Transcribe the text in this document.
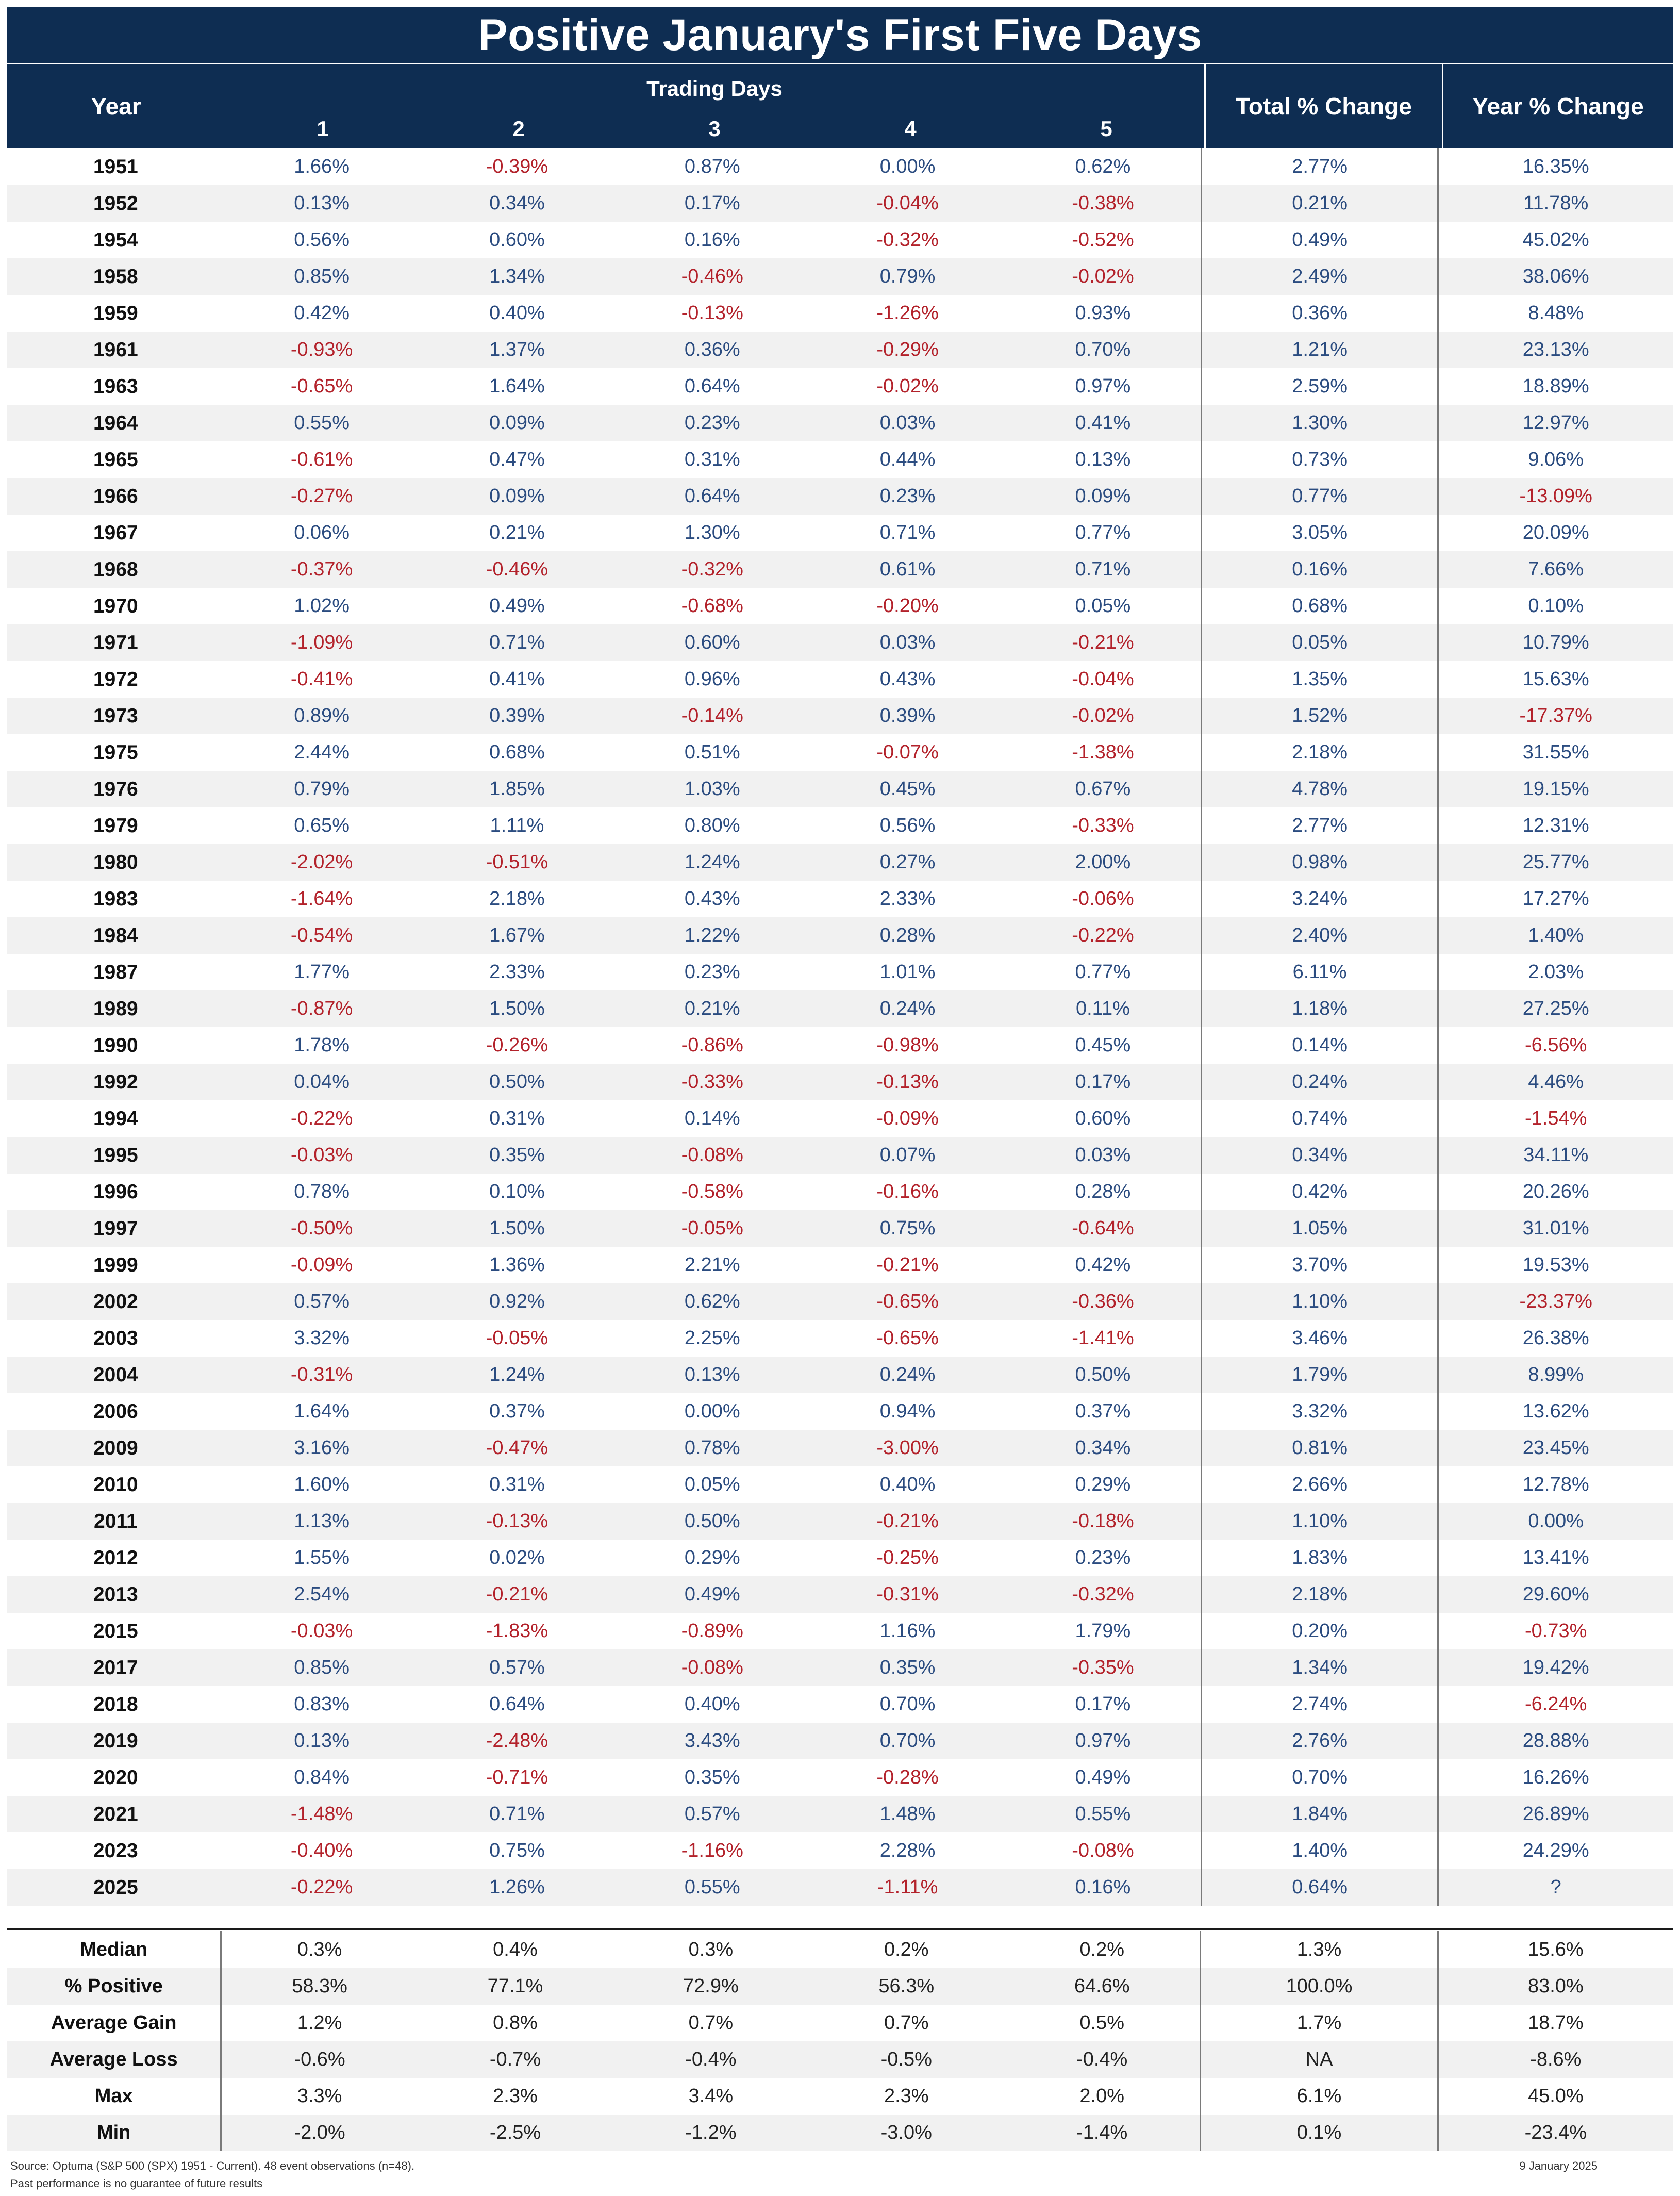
Positive January's First Five Days
Year
Trading Days
1	2	3	4	5
Total % Change	Year % Change
1951	1.66%	-0.39%	0.87%	0.00%	0.62%	2.77%	16.35%
1952	0.13%	0.34%	0.17%	-0.04%	-0.38%	0.21%	11.78%
1954	0.56%	0.60%	0.16%	-0.32%	-0.52%	0.49%	45.02%
1958	0.85%	1.34%	-0.46%	0.79%	-0.02%	2.49%	38.06%
1959	0.42%	0.40%	-0.13%	-1.26%	0.93%	0.36%	8.48%
1961	-0.93%	1.37%	0.36%	-0.29%	0.70%	1.21%	23.13%
1963	-0.65%	1.64%	0.64%	-0.02%	0.97%	2.59%	18.89%
1964	0.55%	0.09%	0.23%	0.03%	0.41%	1.30%	12.97%
1965	-0.61%	0.47%	0.31%	0.44%	0.13%	0.73%	9.06%
1966	-0.27%	0.09%	0.64%	0.23%	0.09%	0.77%	-13.09%
1967	0.06%	0.21%	1.30%	0.71%	0.77%	3.05%	20.09%
1968	-0.37%	-0.46%	-0.32%	0.61%	0.71%	0.16%	7.66%
1970	1.02%	0.49%	-0.68%	-0.20%	0.05%	0.68%	0.10%
1971	-1.09%	0.71%	0.60%	0.03%	-0.21%	0.05%	10.79%
1972	-0.41%	0.41%	0.96%	0.43%	-0.04%	1.35%	15.63%
1973	0.89%	0.39%	-0.14%	0.39%	-0.02%	1.52%	-17.37%
1975	2.44%	0.68%	0.51%	-0.07%	-1.38%	2.18%	31.55%
1976	0.79%	1.85%	1.03%	0.45%	0.67%	4.78%	19.15%
1979	0.65%	1.11%	0.80%	0.56%	-0.33%	2.77%	12.31%
1980	-2.02%	-0.51%	1.24%	0.27%	2.00%	0.98%	25.77%
1983	-1.64%	2.18%	0.43%	2.33%	-0.06%	3.24%	17.27%
1984	-0.54%	1.67%	1.22%	0.28%	-0.22%	2.40%	1.40%
1987	1.77%	2.33%	0.23%	1.01%	0.77%	6.11%	2.03%
1989	-0.87%	1.50%	0.21%	0.24%	0.11%	1.18%	27.25%
1990	1.78%	-0.26%	-0.86%	-0.98%	0.45%	0.14%	-6.56%
1992	0.04%	0.50%	-0.33%	-0.13%	0.17%	0.24%	4.46%
1994	-0.22%	0.31%	0.14%	-0.09%	0.60%	0.74%	-1.54%
1995	-0.03%	0.35%	-0.08%	0.07%	0.03%	0.34%	34.11%
1996	0.78%	0.10%	-0.58%	-0.16%	0.28%	0.42%	20.26%
1997	-0.50%	1.50%	-0.05%	0.75%	-0.64%	1.05%	31.01%
1999	-0.09%	1.36%	2.21%	-0.21%	0.42%	3.70%	19.53%
2002	0.57%	0.92%	0.62%	-0.65%	-0.36%	1.10%	-23.37%
2003	3.32%	-0.05%	2.25%	-0.65%	-1.41%	3.46%	26.38%
2004	-0.31%	1.24%	0.13%	0.24%	0.50%	1.79%	8.99%
2006	1.64%	0.37%	0.00%	0.94%	0.37%	3.32%	13.62%
2009	3.16%	-0.47%	0.78%	-3.00%	0.34%	0.81%	23.45%
2010	1.60%	0.31%	0.05%	0.40%	0.29%	2.66%	12.78%
2011	1.13%	-0.13%	0.50%	-0.21%	-0.18%	1.10%	0.00%
2012	1.55%	0.02%	0.29%	-0.25%	0.23%	1.83%	13.41%
2013	2.54%	-0.21%	0.49%	-0.31%	-0.32%	2.18%	29.60%
2015	-0.03%	-1.83%	-0.89%	1.16%	1.79%	0.20%	-0.73%
2017	0.85%	0.57%	-0.08%	0.35%	-0.35%	1.34%	19.42%
2018	0.83%	0.64%	0.40%	0.70%	0.17%	2.74%	-6.24%
2019	0.13%	-2.48%	3.43%	0.70%	0.97%	2.76%	28.88%
2020	0.84%	-0.71%	0.35%	-0.28%	0.49%	0.70%	16.26%
2021	-1.48%	0.71%	0.57%	1.48%	0.55%	1.84%	26.89%
2023	-0.40%	0.75%	-1.16%	2.28%	-0.08%	1.40%	24.29%
2025	-0.22%	1.26%	0.55%	-1.11%	0.16%	0.64%	?
Median	0.3%	0.4%	0.3%	0.2%	0.2%	1.3%	15.6%
% Positive	58.3%	77.1%	72.9%	56.3%	64.6%	100.0%	83.0%
Average Gain	1.2%	0.8%	0.7%	0.7%	0.5%	1.7%	18.7%
Average Loss	-0.6%	-0.7%	-0.4%	-0.5%	-0.4%	NA	-8.6%
Max	3.3%	2.3%	3.4%	2.3%	2.0%	6.1%	45.0%
Min	-2.0%	-2.5%	-1.2%	-3.0%	-1.4%	0.1%	-23.4%
Source: Optuma (S&P 500 (SPX) 1951 - Current). 48 event observations (n=48).
Past performance is no guarantee of future results
9 January 2025
